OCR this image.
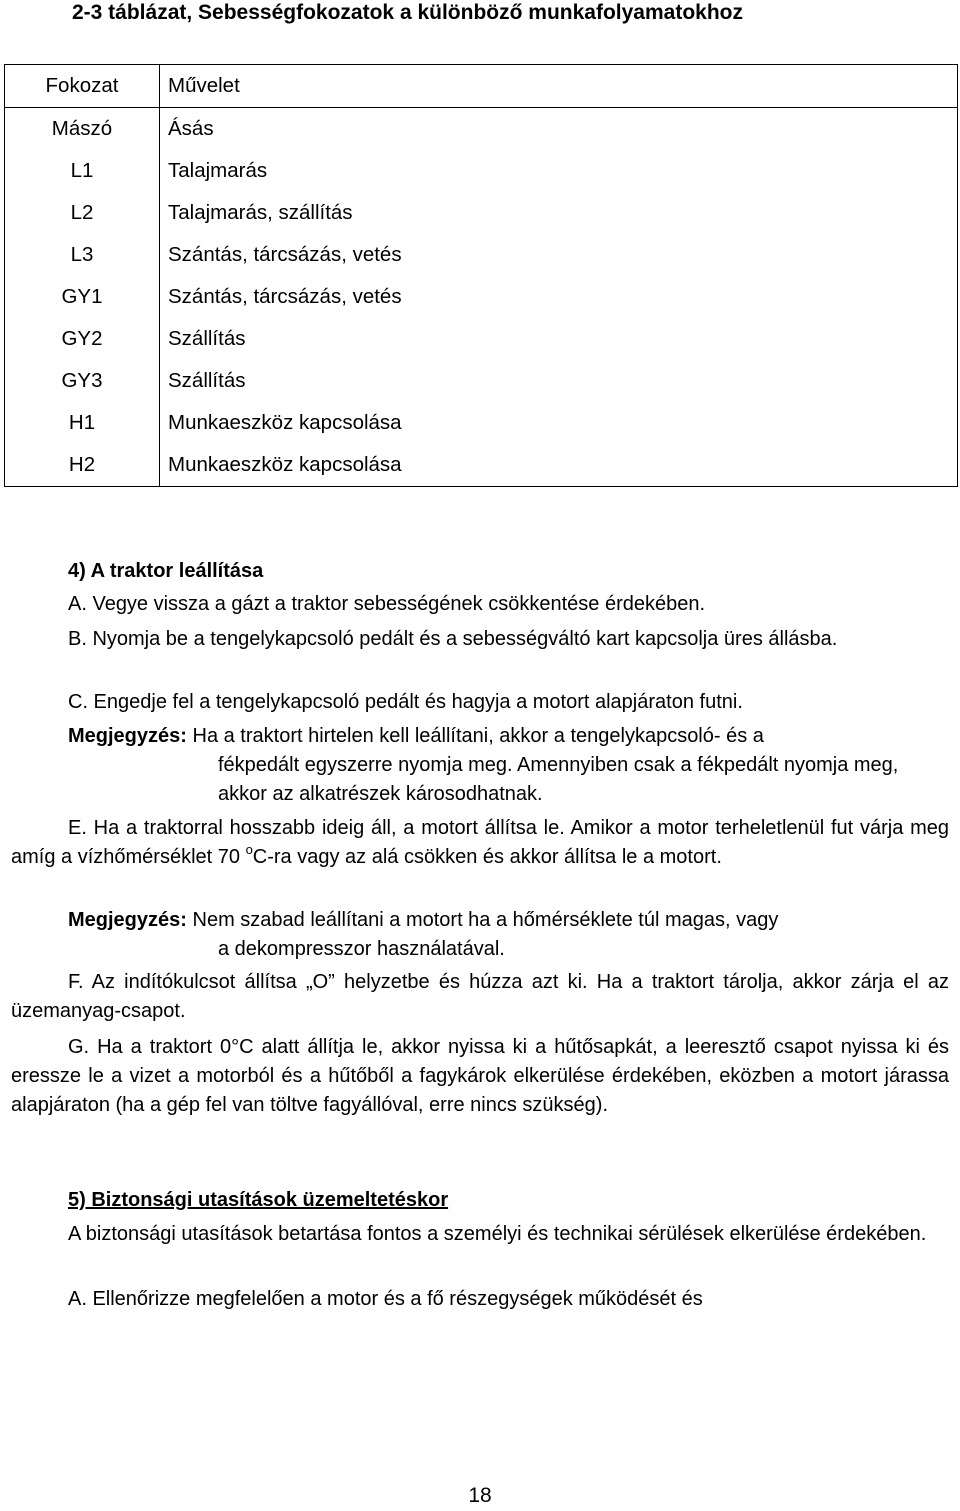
2-3 táblázat, Sebességfokozatok a különböző munkafolyamatokhoz
Fokozat	Művelet
Mászó	Ásás
L1	Talajmarás
L2	Talajmarás, szállítás
L3	Szántás, tárcsázás, vetés
GY1	Szántás, tárcsázás, vetés
GY2	Szállítás
GY3	Szállítás
H1	Munkaeszköz kapcsolása
H2	Munkaeszköz kapcsolása
4) A traktor leállítása
A. Vegye vissza a gázt a traktor sebességének csökkentése érdekében.
B. Nyomja be a tengelykapcsoló pedált és a sebességváltó kart kapcsolja üres állásba.
C. Engedje fel a tengelykapcsoló pedált és hagyja a motort alapjáraton futni.
Megjegyzés: Ha a traktort hirtelen kell leállítani, akkor a tengelykapcsoló- és a
fékpedált egyszerre nyomja meg. Amennyiben csak a fékpedált nyomja meg, akkor az alkatrészek károsodhatnak.
E. Ha a traktorral hosszabb ideig áll, a motort állítsa le. Amikor a motor terheletlenül fut várja meg amíg a vízhőmérséklet 70 $^o$C-ra vagy az alá csökken és akkor állítsa le a motort.
Megjegyzés: Nem szabad leállítani a motort ha a hőmérséklete túl magas, vagy
a dekompresszor használatával.
F. Az indítókulcsot állítsa „O” helyzetbe és húzza azt ki. Ha a traktort tárolja, akkor zárja el az üzemanyag-csapot.
G. Ha a traktort 0°C alatt állítja le, akkor nyissa ki a hűtősapkát, a leeresztő csapot nyissa ki és eressze le a vizet a motorból és a hűtőből a fagykárok elkerülése érdekében, eközben a motort járassa alapjáraton (ha a gép fel van töltve fagyállóval, erre nincs szükség).
5) Biztonsági utasítások üzemeltetéskor
A biztonsági utasítások betartása fontos a személyi és technikai sérülések elkerülése érdekében.
A. Ellenőrizze megfelelően a motor és a fő részegységek működését és
18
